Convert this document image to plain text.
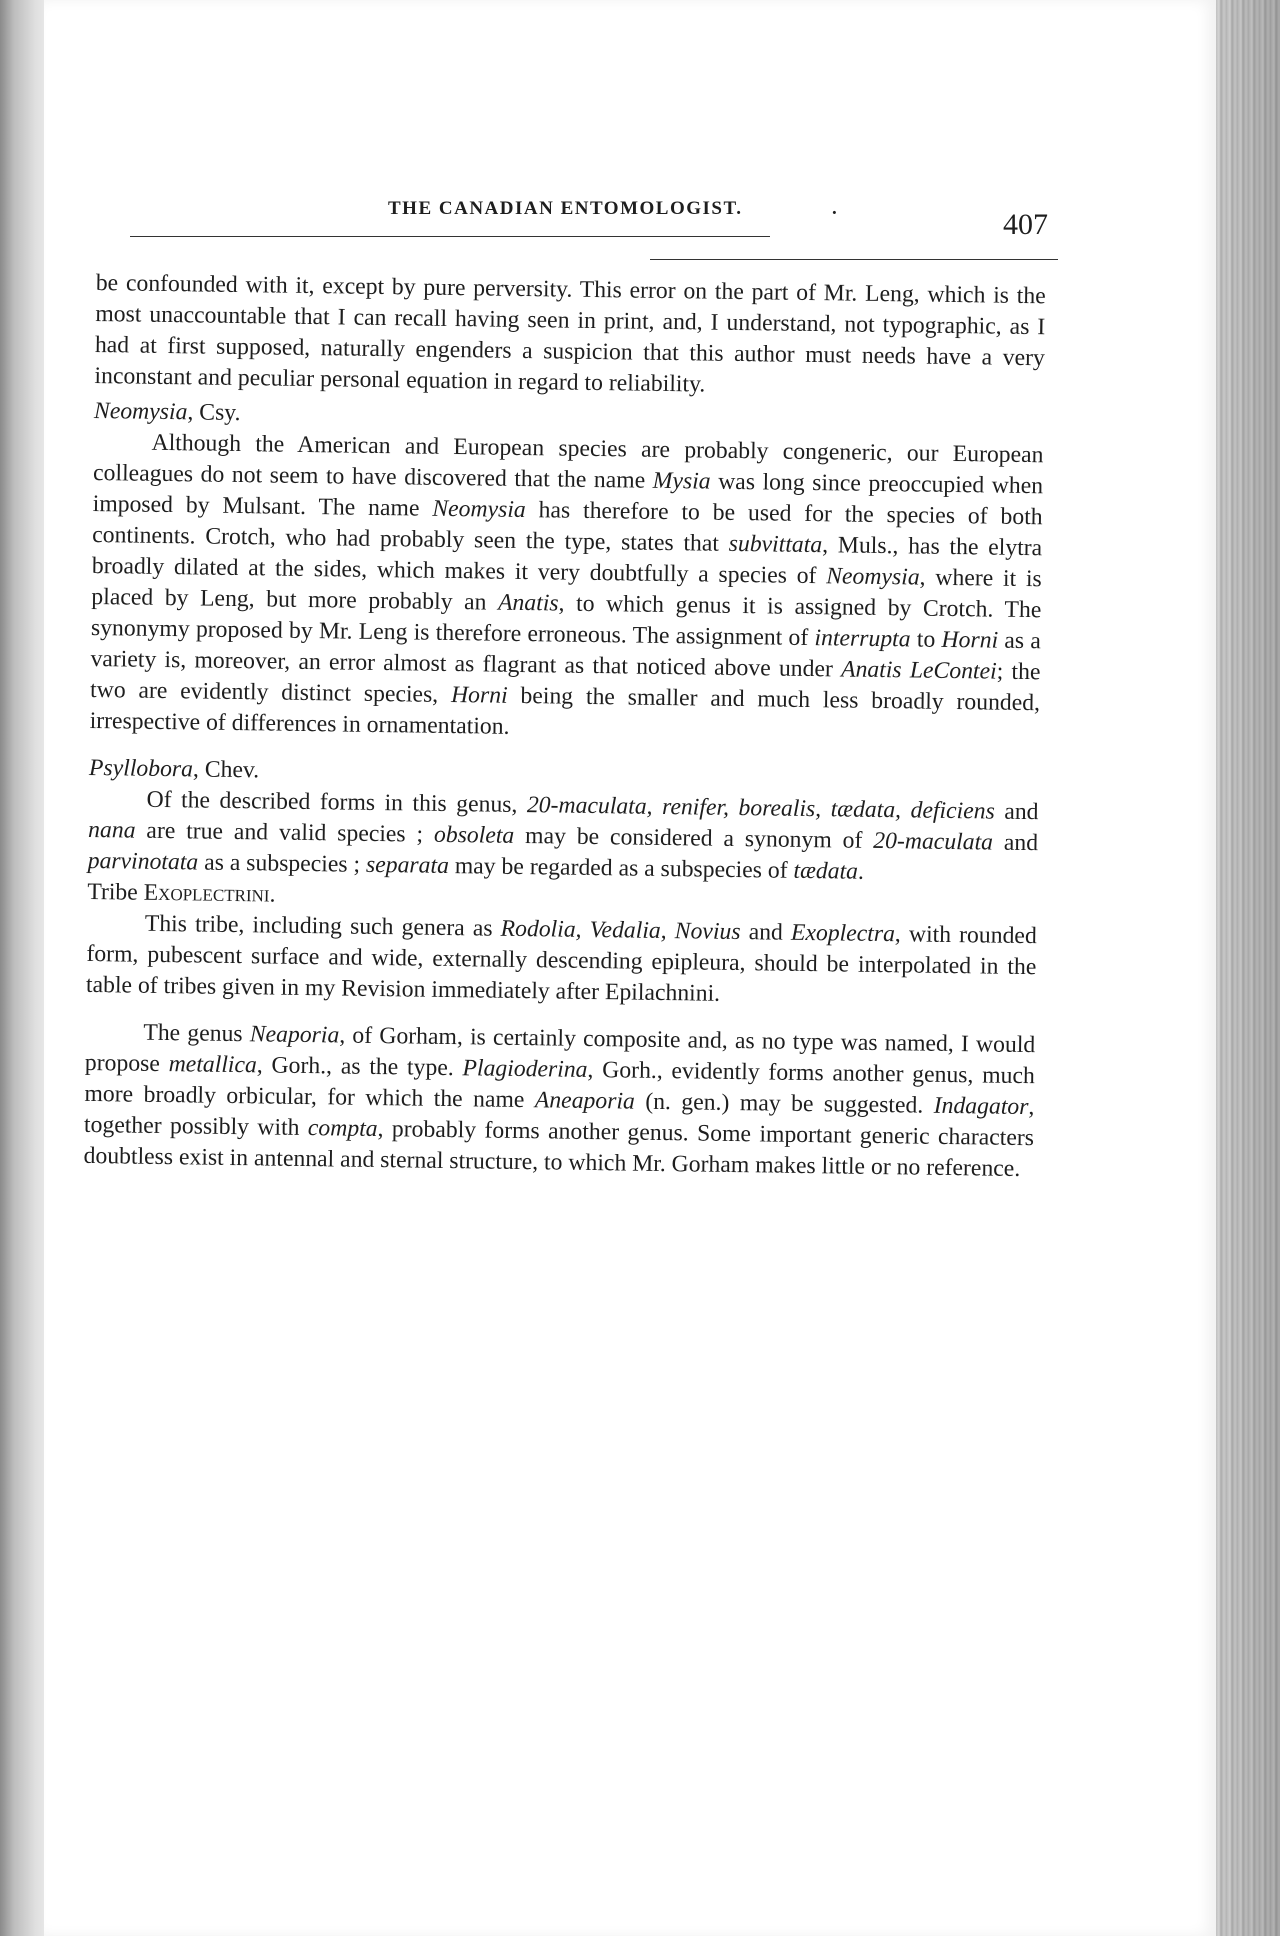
THE CANADIAN ENTOMOLOGIST.	.	407

be confounded with it, except by pure perversity. This error on the part of Mr. Leng, which is the most unaccountable that I can recall having seen in print, and, I understand, not typographic, as I had at first supposed, naturally engenders a suspicion that this author must needs have a very inconstant and peculiar personal equation in regard to reliability.

Neomysia, Csy.

Although the American and European species are probably congeneric, our European colleagues do not seem to have discovered that the name Mysia was long since preoccupied when imposed by Mulsant. The name Neomysia has therefore to be used for the species of both continents. Crotch, who had probably seen the type, states that subvittata, Muls., has the elytra broadly dilated at the sides, which makes it very doubtfully a species of Neomysia, where it is placed by Leng, but more probably an Anatis, to which genus it is assigned by Crotch. The synonymy proposed by Mr. Leng is therefore erroneous. The assignment of interrupta to Horni as a variety is, moreover, an error almost as flagrant as that noticed above under Anatis LeContei; the two are evidently distinct species, Horni being the smaller and much less broadly rounded, irrespective of differences in ornamentation.

Psyllobora, Chev.

Of the described forms in this genus, 20-maculata, renifer, borealis, tædata, deficiens and nana are true and valid species ; obsoleta may be considered a synonym of 20-maculata and parvinotata as a subspecies ; separata may be regarded as a subspecies of tædata.

Tribe Exoplectrini.

This tribe, including such genera as Rodolia, Vedalia, Novius and Exoplectra, with rounded form, pubescent surface and wide, externally descending epipleura, should be interpolated in the table of tribes given in my Revision immediately after Epilachnini.

The genus Neaporia, of Gorham, is certainly composite and, as no type was named, I would propose metallica, Gorh., as the type. Plagioderina, Gorh., evidently forms another genus, much more broadly orbicular, for which the name Aneaporia (n. gen.) may be suggested. Indagator, together possibly with compta, probably forms another genus. Some important generic characters doubtless exist in antennal and sternal structure, to which Mr. Gorham makes little or no reference.
